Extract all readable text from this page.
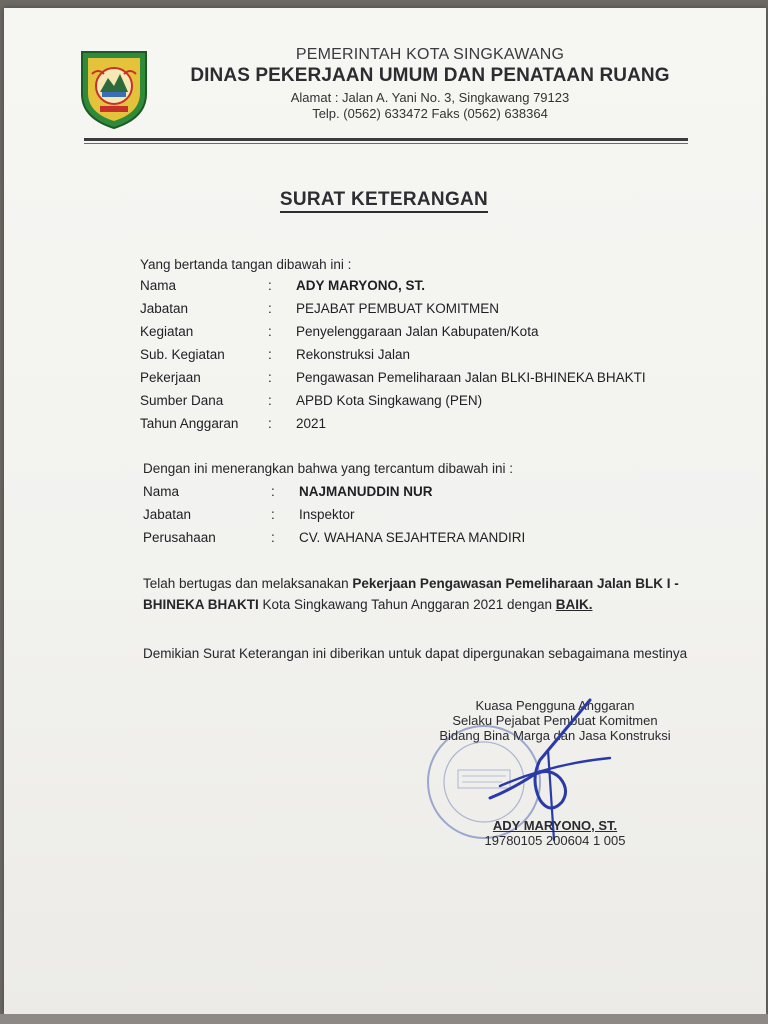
PEMERINTAH KOTA SINGKAWANG
DINAS PEKERJAAN UMUM DAN PENATAAN RUANG
Alamat : Jalan A. Yani No. 3, Singkawang 79123
Telp. (0562) 633472 Faks (0562) 638364
SURAT KETERANGAN
Yang bertanda tangan dibawah ini :
Nama	: ADY MARYONO, ST.
Jabatan	: PEJABAT PEMBUAT KOMITMEN
Kegiatan	: Penyelenggaraan Jalan Kabupaten/Kota
Sub. Kegiatan	: Rekonstruksi Jalan
Pekerjaan	: Pengawasan Pemeliharaan Jalan BLKI-BHINEKA BHAKTI
Sumber Dana	: APBD Kota Singkawang (PEN)
Tahun Anggaran : 2021
Dengan ini menerangkan bahwa yang tercantum dibawah ini :
Nama	: NAJMANUDDIN NUR
Jabatan	: Inspektor
Perusahaan	: CV. WAHANA SEJAHTERA MANDIRI
Telah bertugas dan melaksanakan Pekerjaan Pengawasan Pemeliharaan Jalan BLK I -
BHINEKA BHAKTI Kota Singkawang Tahun Anggaran 2021 dengan BAIK.
Demikian Surat Keterangan ini diberikan untuk dapat dipergunakan sebagaimana mestinya
Kuasa Pengguna Anggaran
Selaku Pejabat Pembuat Komitmen
Bidang Bina Marga dan Jasa Konstruksi
ADY MARYONO, ST.
19780105 200604 1 005
